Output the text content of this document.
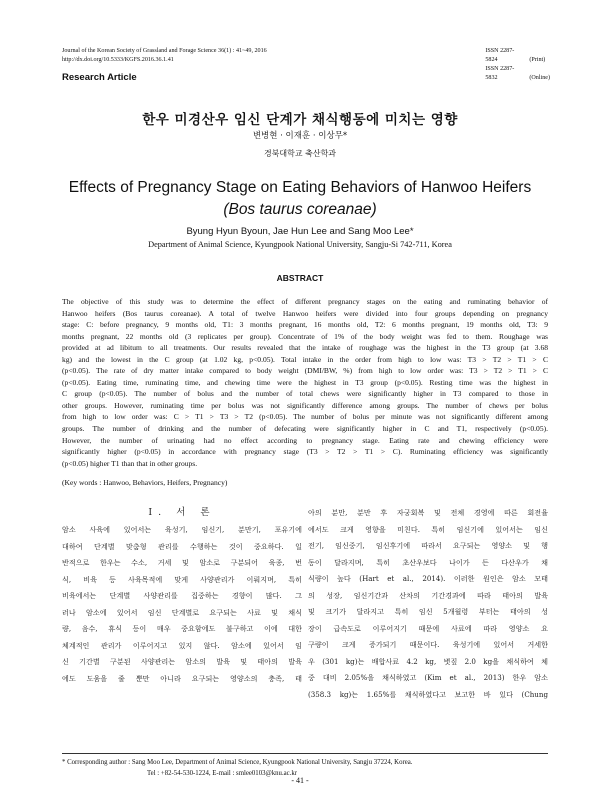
Journal of the Korean Society of Grassland and Forage Science 36(1) : 41~49, 2016
http://dx.doi.org/10.5333/KGFS.2016.36.1.41
ISSN 2287-5824	(Print)
ISSN 2287-5832	(Online)
Research Article
한우 미경산우 임신 단계가 채식행동에 미치는 영향
변병현 · 이재훈 · 이상무*
경북대학교 축산학과
Effects of Pregnancy Stage on Eating Behaviors of Hanwoo Heifers
(Bos taurus coreanae)
Byung Hyun Byoun, Jae Hun Lee and Sang Moo Lee*
Department of Animal Science, Kyungpook National University, Sangju-Si 742-711, Korea
ABSTRACT
The objective of this study was to determine the effect of different pregnancy stages on the eating and ruminating behavior of
Hanwoo heifers (Bos taurus coreanae). A total of twelve Hanwoo heifers were divided into four groups depending on pregnancy
stage: C: before pregnancy, 9 months old, T1: 3 months pregnant, 16 months old, T2: 6 months pregnant, 19 months old, T3: 9
months pregnant, 22 months old (3 replicates per group). Concentrate of 1% of the body weight was fed to them. Roughage was
provided at ad libitum to all treatments. Our results revealed that the intake of roughage was the highest in the T3 group (at 3.68
kg) and the lowest in the C group (at 1.02 kg, p<0.05). Total intake in the order from high to low was: T3 > T2 > T1 > C
(p<0.05). The rate of dry matter intake compared to body weight (DMI/BW, %) from high to low order was: T3 > T2 > T1 > C
(p<0.05). Eating time, ruminating time, and chewing time were the highest in T3 group (p<0.05). Resting time was the highest in
C group (p<0.05). The number of bolus and the number of total chews were significantly higher in T3 compared to those in
other groups. However, ruminating time per bolus was not significantly difference among groups. The number of chews per bolus
from high to low order was: C > T1 > T3 > T2 (p<0.05). The number of bolus per minute was not significantly different among
groups. The number of drinking and the number of defecating were significantly higher in C and T1, respectively (p<0.05).
However, the number of urinating had no effect according to pregnancy stage. Eating rate and chewing efficiency were
significantly higher (p<0.05) in accordance with pregnancy stage (T3 > T2 > T1 > C). Ruminating efficiency was significantly
(p<0.05) higher T1 than that in other groups.
(Key words : Hanwoo, Behaviors, Heifers, Pregnancy)
Ⅰ. 서 론
암소 사육에 있어서는 육성기, 임신기, 분만기, 포유기에
대하여 단계별 맞춤형 관리를 수행하는 것이 중요하다. 일
반적으로 한우는 수소, 거세 및 암소로 구분되어 육종, 번
식, 비육 등 사육목적에 맞게 사양관리가 이뤄지며, 특히
비육에서는 단계별 사양관리를 집중하는 경향이 많다. 그
러나 암소에 있어서 임신 단계별로 요구되는 사료 및 채식
량, 음수, 휴식 등이 매우 중요함에도 불구하고 이에 대한
체계적인 관리가 이루어지고 있지 않다. 암소에 있어서 임
신 기간별 구분된 사양관리는 암소의 발육 및 태아의 발육
에도 도움을 줄 뿐만 아니라 요구되는 영양소의 충족, 태
아의 분만, 분만 후 자궁회복 및 전체 경영에 따른 회전율
에서도 크게 영향을 미친다. 특히 임신기에 있어서는 임신
전기, 임신중기, 임신후기에 따라서 요구되는 영양소 및 행
동이 달라지며, 특히 초산우보다 나이가 든 다산우가 채
식량이 높다 (Hart et al., 2014). 이러한 원인은 암소 모태
의 성장, 임신기간과 산차의 기간경과에 따라 태아의 발육
및 크기가 달라지고 특히 임신 5개월령 부터는 태아의 성
장이 급속도로 이루어지기 때문에 사료에 따라 영양소 요
구량이 크게 증가되기 때문이다. 육성기에 있어서 거세한
우 (301 kg)는 배합사료 4.2 kg, 볏짚 2.0 kg을 채식하여 체
중 대비 2.05%을 채식하였고 (Kim et al., 2013) 한우 암소
(358.3 kg)는 1.65%를 채식하였다고 보고한 바 있다 (Chung
* Corresponding author : Sang Moo Lee, Department of Animal Science, Kyungpook National University, Sangju 37224, Korea.
Tel : +82-54-530-1224, E-mail : smlee0103@knu.ac.kr
- 41 -
